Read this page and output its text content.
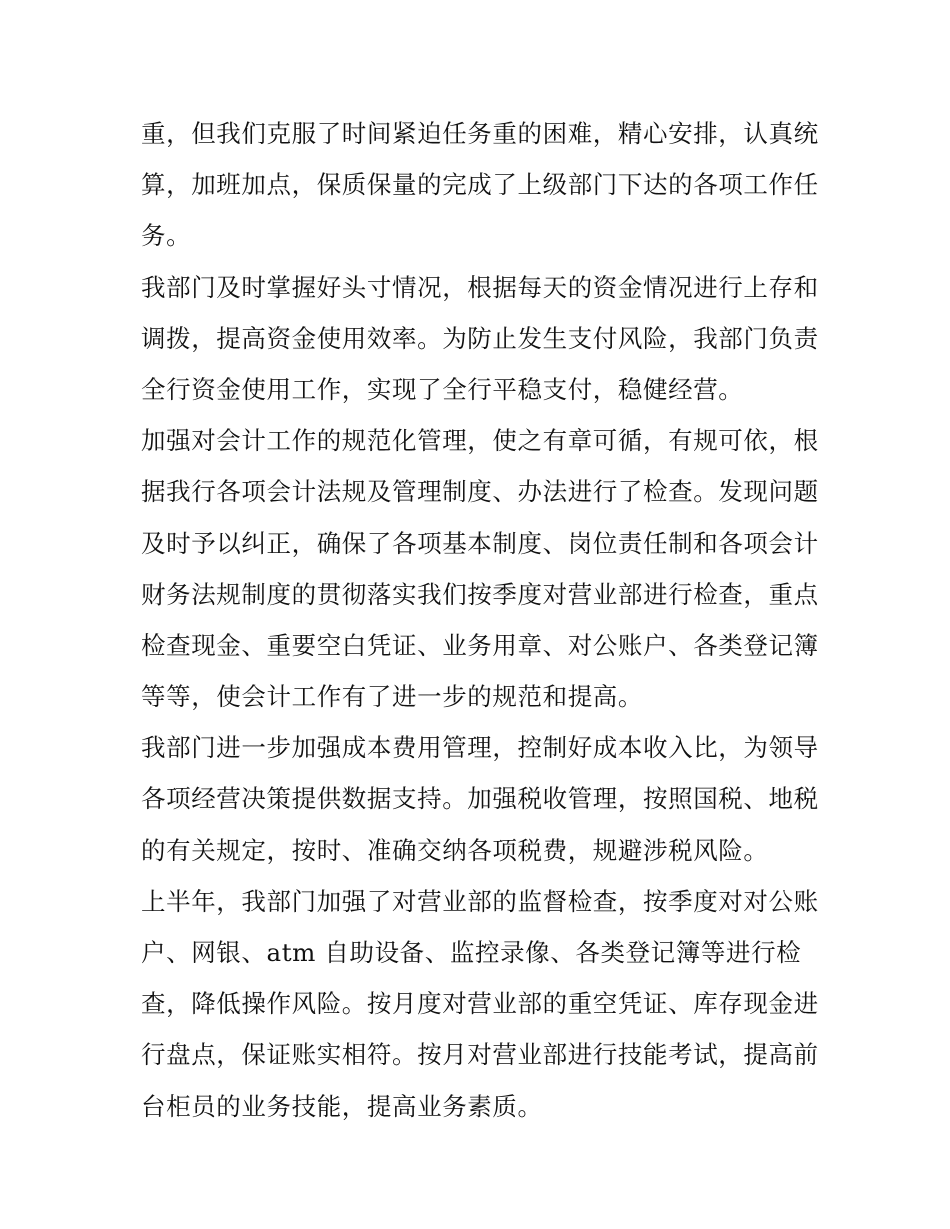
重，但我们克服了时间紧迫任务重的困难，精心安排，认真统
算，加班加点，保质保量的完成了上级部门下达的各项工作任
务。
我部门及时掌握好头寸情况，根据每天的资金情况进行上存和
调拨，提高资金使用效率。为防止发生支付风险，我部门负责
全行资金使用工作，实现了全行平稳支付，稳健经营。
加强对会计工作的规范化管理，使之有章可循，有规可依，根
据我行各项会计法规及管理制度、办法进行了检查。发现问题
及时予以纠正，确保了各项基本制度、岗位责任制和各项会计
财务法规制度的贯彻落实我们按季度对营业部进行检查，重点
检查现金、重要空白凭证、业务用章、对公账户、各类登记簿
等等，使会计工作有了进一步的规范和提高。
我部门进一步加强成本费用管理，控制好成本收入比，为领导
各项经营决策提供数据支持。加强税收管理，按照国税、地税
的有关规定，按时、准确交纳各项税费，规避涉税风险。
上半年，我部门加强了对营业部的监督检查，按季度对对公账
户、网银、atm 自助设备、监控录像、各类登记簿等进行检
查，降低操作风险。按月度对营业部的重空凭证、库存现金进
行盘点，保证账实相符。按月对营业部进行技能考试，提高前
台柜员的业务技能，提高业务素质。
